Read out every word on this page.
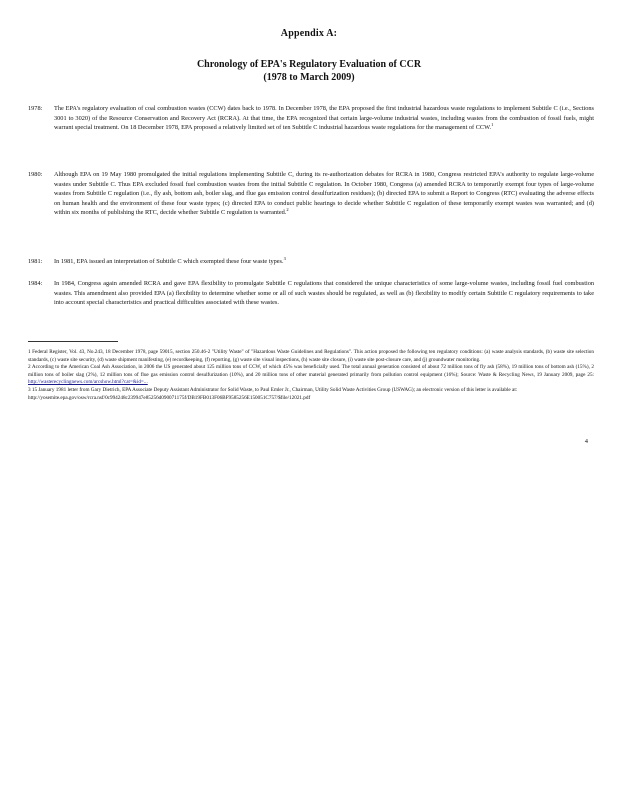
Appendix A:
Chronology of EPA's Regulatory Evaluation of CCR
(1978 to March 2009)
1978:	The EPA's regulatory evaluation of coal combustion wastes (CCW) dates back to 1978. In December 1978, the EPA proposed the first industrial hazardous waste regulations to implement Subtitle C (i.e., Sections 3001 to 3020) of the Resource Conservation and Recovery Act (RCRA). At that time, the EPA recognized that certain large-volume industrial wastes, including wastes from the combustion of fossil fuels, might warrant special treatment. On 18 December 1978, EPA proposed a relatively limited set of ten Subtitle C industrial hazardous waste regulations for the management of CCW.$^1$
1980:	Although EPA on 19 May 1980 promulgated the initial regulations implementing Subtitle C, during its re-authorization debates for RCRA in 1980, Congress restricted EPA's authority to regulate large-volume wastes under Subtitle C. Thus EPA excluded fossil fuel combustion wastes from the initial Subtitle C regulation. In October 1980, Congress (a) amended RCRA to temporarily exempt four types of large-volume wastes from Subtitle C regulation (i.e., fly ash, bottom ash, boiler slag, and flue gas emission control desulfurization residues); (b) directed EPA to submit a Report to Congress (RTC) evaluating the adverse effects on human health and the environment of these four waste types; (c) directed EPA to conduct public hearings to decide whether Subtitle C regulation of these temporarily exempt wastes was warranted; and (d) within six months of publishing the RTC, decide whether Subtitle C regulation is warranted.$^2$
1981:	In 1981, EPA issued an interpretation of Subtitle C which exempted these four waste types.$^3$
1984:	In 1984, Congress again amended RCRA and gave EPA flexibility to promulgate Subtitle C regulations that considered the unique characteristics of some large-volume wastes, including fossil fuel combustion wastes. This amendment also provided EPA (a) flexibility to determine whether some or all of such wastes should be regulated, as well as (b) flexibility to modify certain Subtitle C regulatory requirements to take into account special characteristics and practical difficulties associated with these wastes.

1 Federal Register, Vol. 43, No.243, 18 December 1978, page 59015, section 250.46-2 "Utility Waste" of "Hazardous Waste Guidelines and Regulations". This action proposed the following ten regulatory conditions: (a) waste analysis standards, (b) waste site selection standards, (c) waste site security, (d) waste shipment manifesting, (e) recordkeeping, (f) reporting, (g) waste site visual inspections, (h) waste site closure, (i) waste site post-closure care, and (j) groundwater monitoring.

2 According to the American Coal Ash Association, in 2006 the US generated about 125 million tons of CCW, of which 45% was beneficially used. The total annual generation consisted of about 72 million tons of fly ash (58%), 19 million tons of bottom ash (15%), 2 million tons of boiler slag (2%), 12 million tons of flue gas emission control desulfurization (10%), and 20 million tons of other material generated primarily from pollution control equipment (16%); Source: Waste & Recycling News, 19 January 2009, page 25: http://wasterecyclingnews.com/arcshow.html?cat=&id=...

3 15 January 1981 letter from Gary Dietrich, EPA Associate Deputy Assistant Administrator for Solid Waste, to Paul Emler Jr., Chairman, Utility Solid Waste Activities Group (USWAG); an electronic version of this letter is available at:
http://yosemite.epa.gov/osw/rcra.nsf/0c994248c239947e85256d090071175f/DB19FB013F06BF9585256E150051C757/$file/12021.pdf

4
